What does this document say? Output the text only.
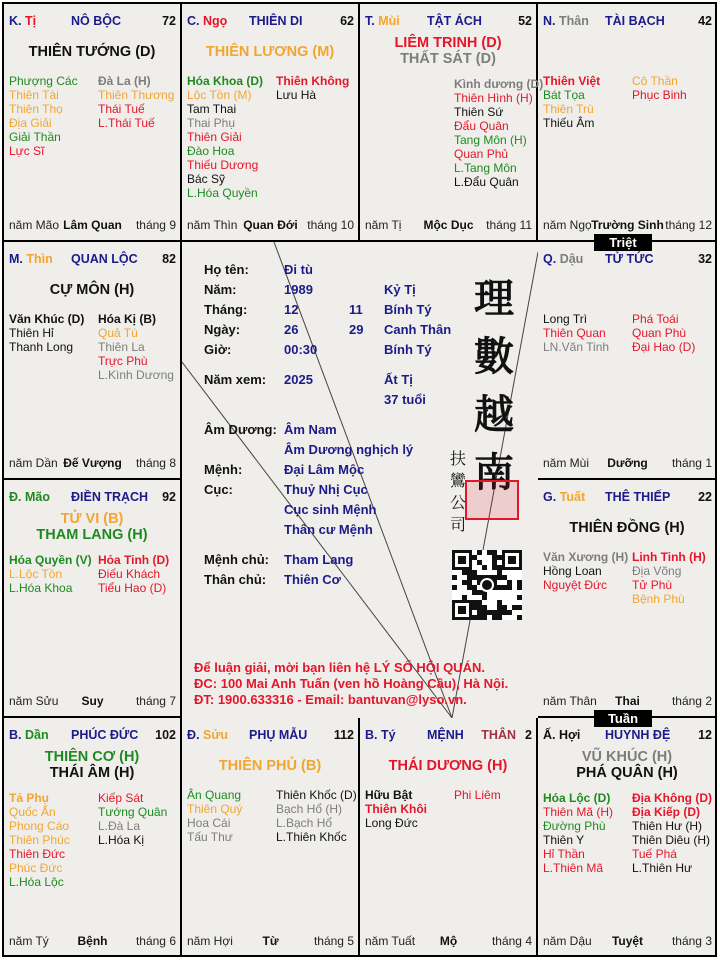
Ấ. Hợi HUYNH ĐỆ 12
VŨ KHÚC (H)
PHÁ QUÂN (H)
Hóa Lộc (D)
Thiên Mã (H)
Đường Phù
Thiên Y
Hỉ Thần
L.Thiên Mã
Địa Không (D)
Địa Kiếp (D)
Thiên Hư (H)
Thiên Diêu (H)
Tuế Phá
L.Thiên Hư
năm Dậu	Tuyệt	tháng 3
B. Tý	MỆNH	2
THÂN
THÁI DƯƠNG (H)
Hữu Bật
Thiên Khôi
Long Đức
Phi Liêm
năm Tuất	Mộ	tháng 4
Đ. Sửu PHỤ MẪU 112
THIÊN PHỦ (B)
Ân Quang
Thiên Quý
Hoa Cái
Tấu Thư
Thiên Khốc (D)
Bạch Hổ (H)
L.Bạch Hổ
L.Thiên Khốc
năm Hợi	Từ	tháng 5
B. Dần PHÚC ĐỨC 102
THIÊN CƠ (H)
THÁI ÂM (H)
Tả Phụ
Quốc Ấn
Phong Cáo
Thiên Phúc
Thiên Đức
Phúc Đức
L.Hóa Lộc
Kiếp Sát
Tướng Quân
L.Đà La
L.Hóa Kị
năm Tý	Bệnh	tháng 6
G. Tuất THÊ THIẾP 22
THIÊN ĐỒNG (H)
Văn Xương (H)
Hồng Loan
Nguyệt Đức
Linh Tinh (H)
Địa Võng
Tử Phù
Bệnh Phù
năm Thân	Thai	tháng 2
Đ. Mão ĐIỀN TRẠCH 92
TỬ VI (B)
THAM LANG (H)
Hóa Quyền (V)
L.Lộc Tồn
L.Hóa Khoa
Hỏa Tinh (D)
Điếu Khách
Tiểu Hao (D)
năm Sửu	Suy	tháng 7
Q. Dậu TỬ TỨC	32
Long Trì
Thiên Quan
LN.Văn Tinh
Phá Toái
Quan Phù
Đại Hao (D)
năm Mùi	Dưỡng	tháng 1
M. Thìn QUAN LỘC 82
CỰ MÔN (H)
Văn Khúc (D)
Thiên Hỉ
Thanh Long
Hóa Kị (B)
Quả Tú
Thiên La
Trực Phù
L.Kình Dương
năm Dần Đế Vượng	tháng 8
N. Thân TÀI BẠCH	42
Thiên Việt
Bát Tọa
Thiên Trù
Thiếu Âm
Cô Thần
Phục Binh
năm Ngọ Trường Sinh tháng 12
T. Mùi TẬT ÁCH	52
LIÊM TRINH (D)
THẤT SÁT (D)
Kình dương (D)
Thiên Hình (H)
Thiên Sứ
Đẩu Quân
Tang Môn (H)
Quan Phủ
L.Tang Môn
L.Đẩu Quân
năm Tị	Mộc Dục	tháng 11
C. Ngọ THIÊN DI	62
THIÊN LƯƠNG (M)
Hóa Khoa (D)
Lộc Tồn (M)
Tam Thai
Thai Phụ
Thiên Giải
Đào Hoa
Thiếu Dương
Bác Sỹ
L.Hóa Quyền
Thiên Không
Lưu Hà
năm Thìn Quan Đới tháng 10
K. Tị	NÔ BỘC	72
THIÊN TƯỚNG (D)
Phượng Các
Thiên Tài
Thiên Thọ
Địa Giải
Giải Thần
Lực Sĩ
Đà La (H)
Thiên Thương
Thái Tuế
L.Thái Tuế
năm Mão Lâm Quan	tháng 9
Họ tên:	Đi tù
Năm:	1989	Kỷ Tị
Tháng:	12	11 Bính Tý
Ngày:	26	29 Canh Thân
Giờ:	00:30	Bính Tý
Năm xem: 2025	Ất Tị
37 tuổi
Âm Dương: Âm Nam
Âm Dương nghịch lý
Mệnh:	Đại Lâm Mộc
Cục:	Thuỷ Nhị Cục
Cục sinh Mệnh
Thân cư Mệnh
Mệnh chủ: Tham Lang
Thân chủ: Thiên Cơ
理數越南
扶鸞公司
Để luận giải, mời bạn liên hệ LÝ SỐ HỘI QUÁN.
ĐC: 100 Mai Anh Tuấn (ven hồ Hoàng Cầu), Hà Nội.
ĐT: 1900.633316 - Email: bantuvan@lyso.vn.
Triệt
Tuần
